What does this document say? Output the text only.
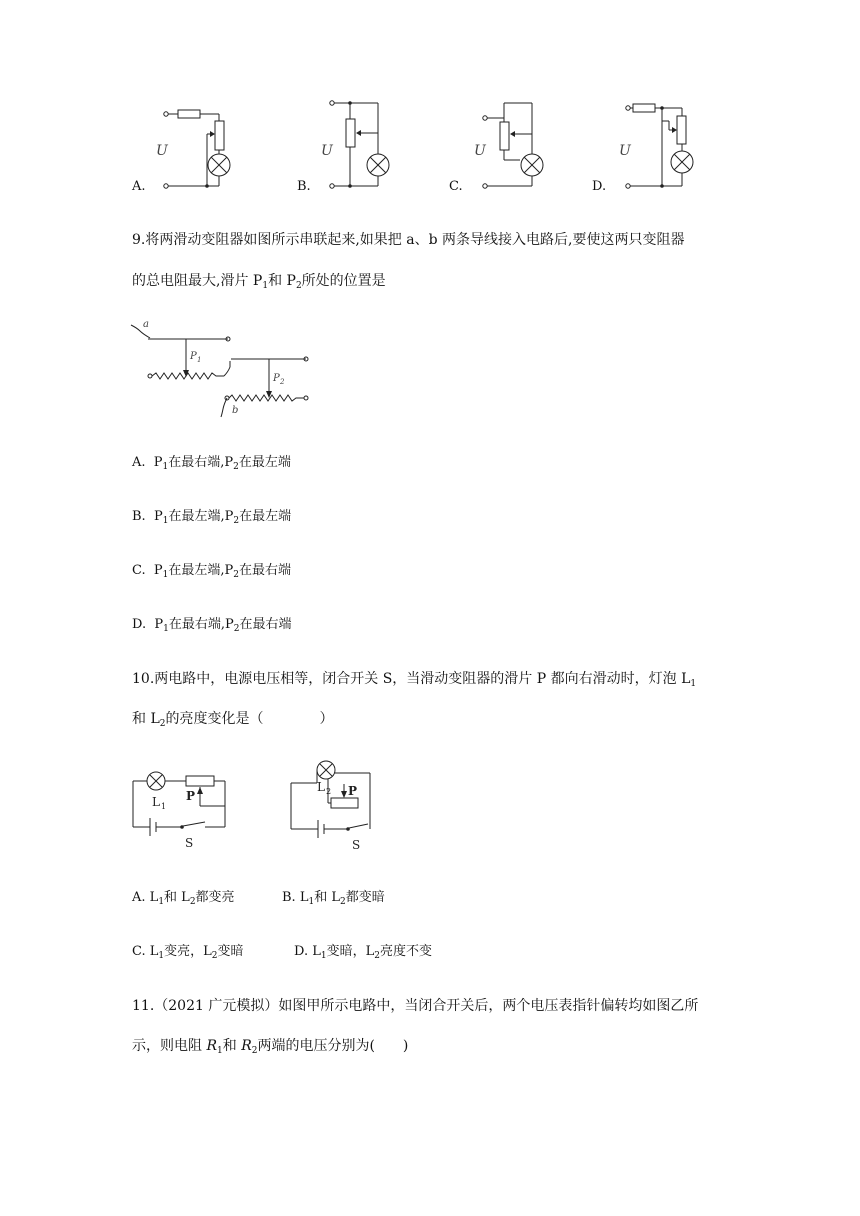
U
A.
U
B.
U
C.
U
D.
9.将两滑动变阻器如图所示串联起来,如果把 a、b 两条导线接入电路后,要使这两只变阻器
的总电阻最大,滑片 $P_1$和 $P_2$所处的位置是
a
b
P 1
P 2
A. $P_1$在最右端$,P_2$在最左端
B. $P_1$在最左端$,P_2$在最左端
C. $P_1$在最左端$,P_2$在最右端
D. $P_1$在最右端$,P_2$在最右端
10.两电路中，电源电压相等，闭合开关 S，当滑动变阻器的滑片 P 都向右滑动时，灯泡 $L_1$
和 $L_2$的亮度变化是（　　　　）
L 1
P
S
L 2 P
S
A. $L_1$和 $L_2$都变亮	B. $L_1$和 $L_2$都变暗
C. $L_1$变亮，$L_2$变暗	D. $L_1$变暗，$L_2$亮度不变
11.（2021 广元模拟）如图甲所示电路中，当闭合开关后，两个电压表指针偏转均如图乙所
示，则电阻 $R_1$和 $R_2$两端的电压分别为(　　)
